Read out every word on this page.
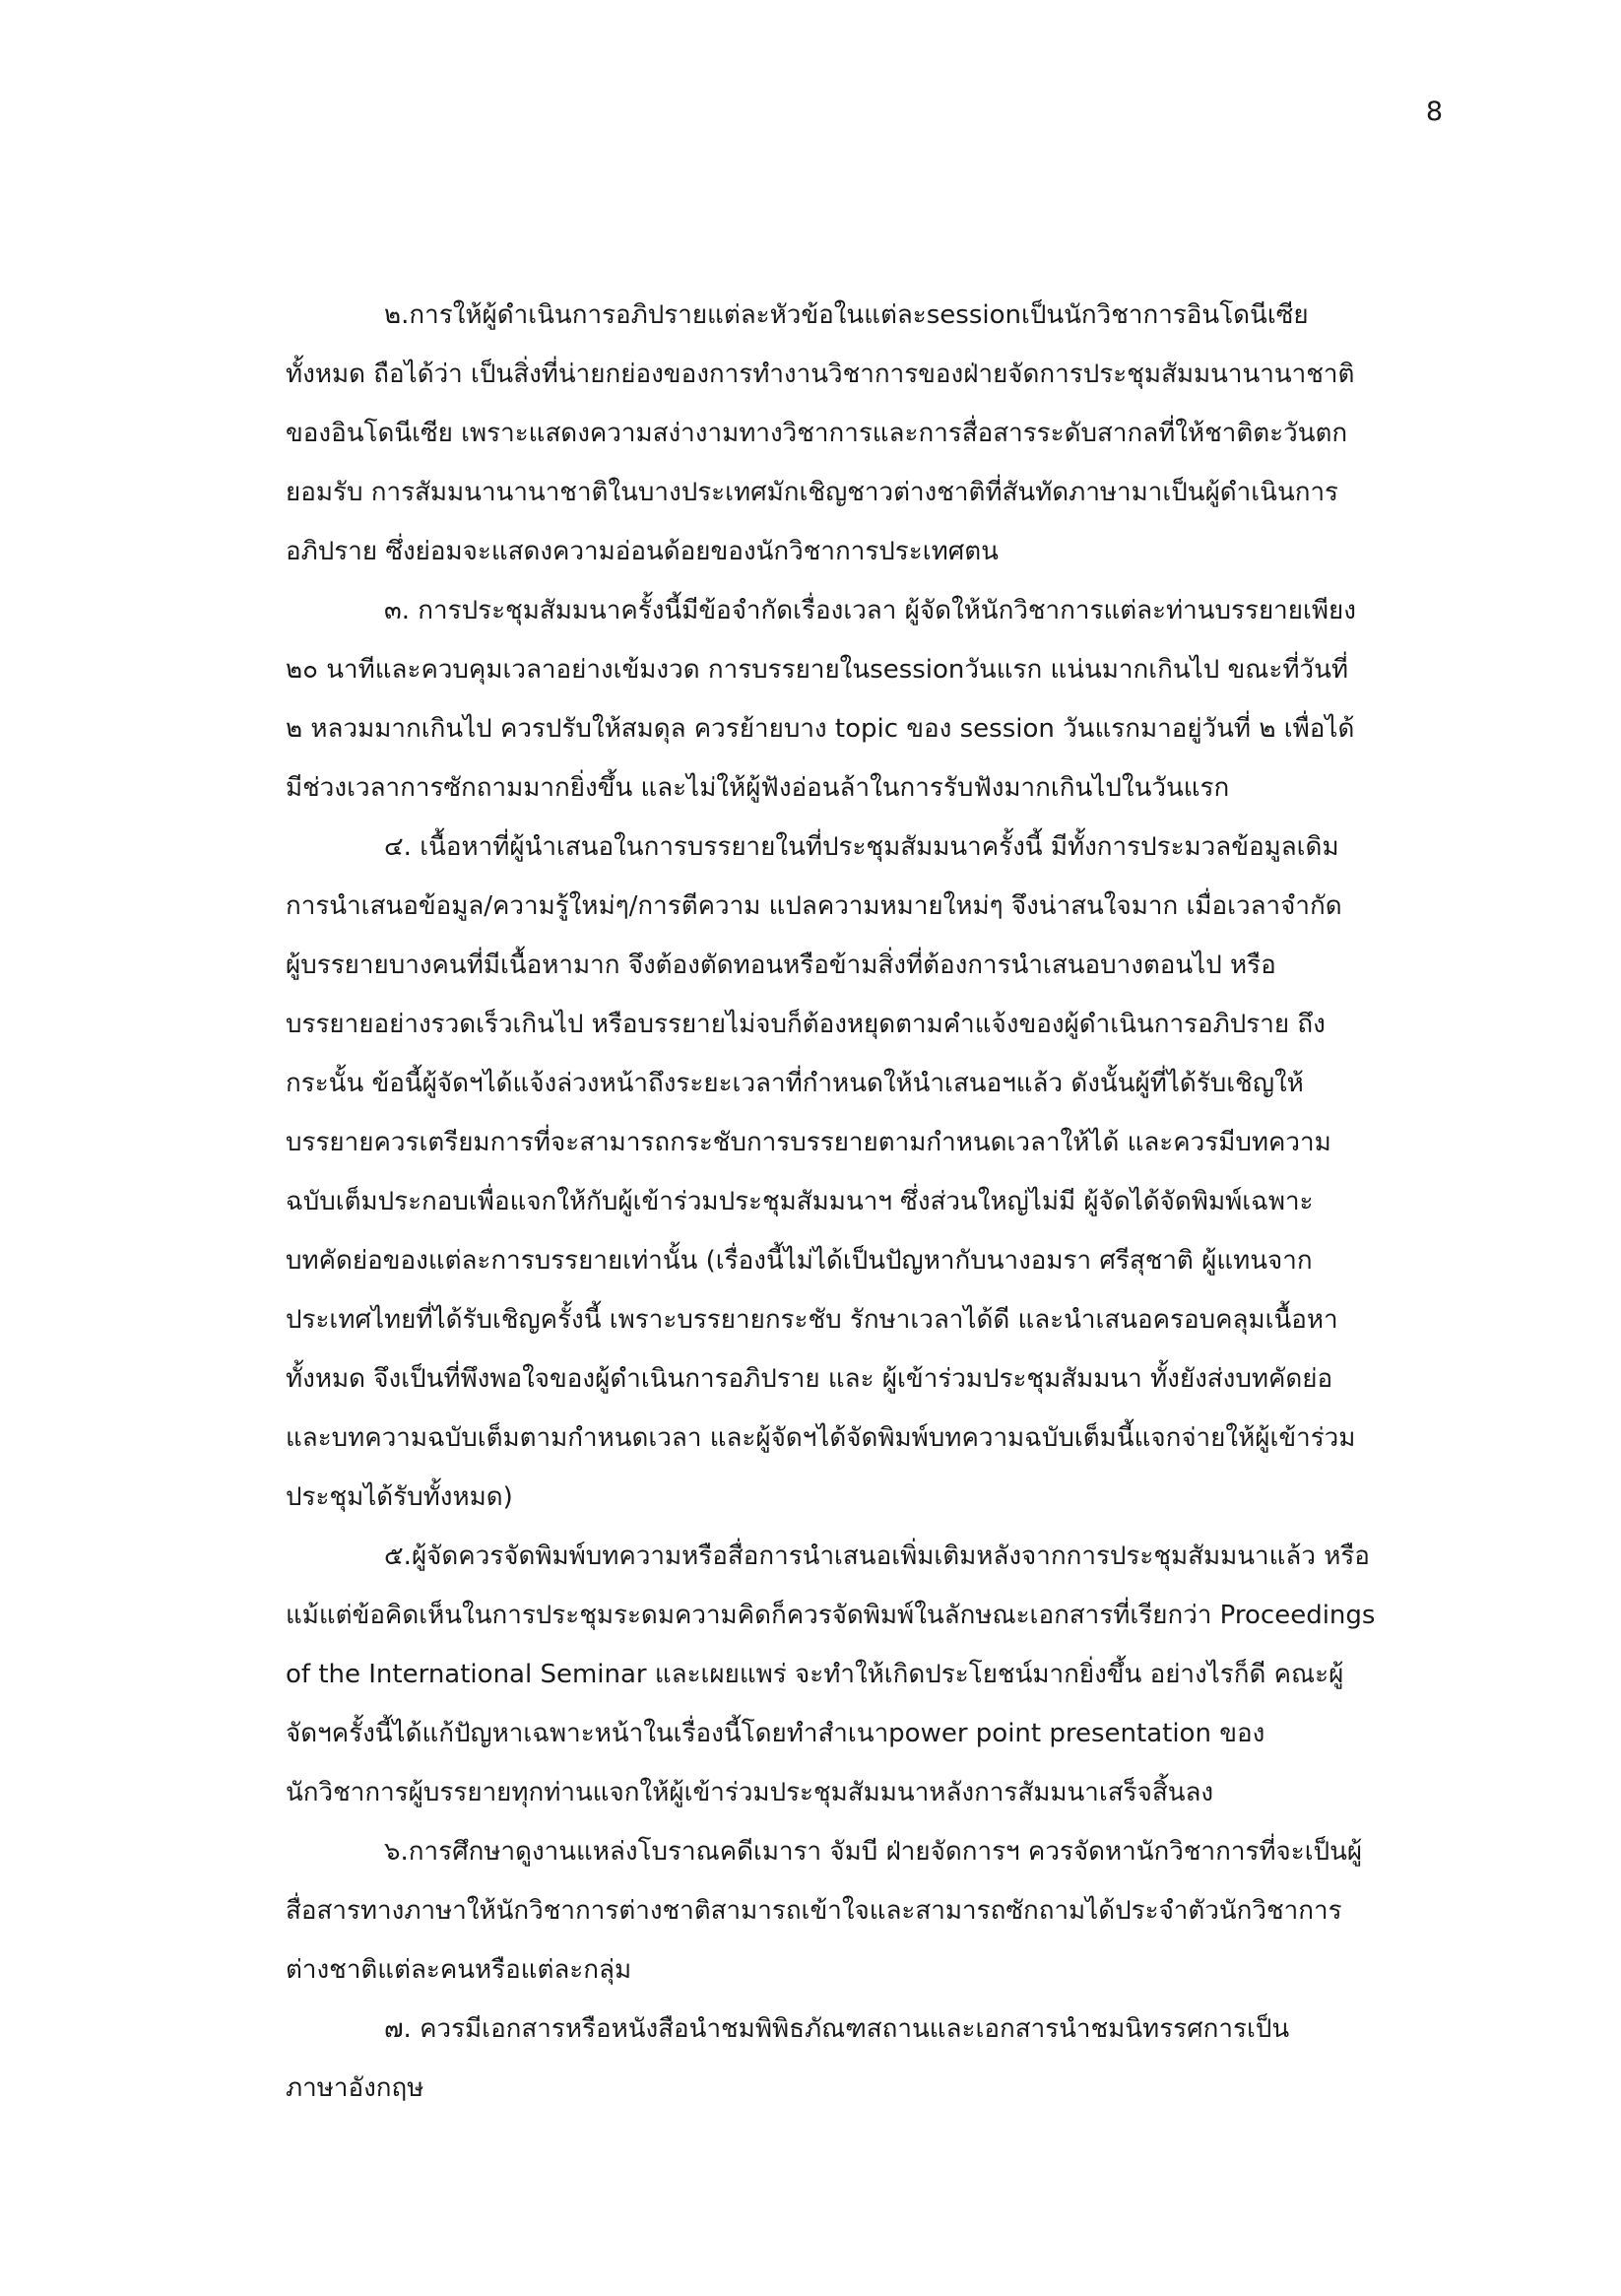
8
๒.การให้ผู้ดำเนินการอภิปรายแต่ละหัวข้อในแต่ละsessionเป็นนักวิชาการอินโดนีเซีย
ทั้งหมด ถือได้ว่า เป็นสิ่งที่น่ายกย่องของการทำงานวิชาการของฝ่ายจัดการประชุมสัมมนานานาชาติ
ของอินโดนีเซีย เพราะแสดงความสง่างามทางวิชาการและการสื่อสารระดับสากลที่ให้ชาติตะวันตก
ยอมรับ การสัมมนานานาชาติในบางประเทศมักเชิญชาวต่างชาติที่สันทัดภาษามาเป็นผู้ดำเนินการ
อภิปราย ซึ่งย่อมจะแสดงความอ่อนด้อยของนักวิชาการประเทศตน
๓. การประชุมสัมมนาครั้งนี้มีข้อจำกัดเรื่องเวลา ผู้จัดให้นักวิชาการแต่ละท่านบรรยายเพียง
๒๐ นาทีและควบคุมเวลาอย่างเข้มงวด การบรรยายในsessionวันแรก แน่นมากเกินไป ขณะที่วันที่
๒ หลวมมากเกินไป ควรปรับให้สมดุล ควรย้ายบาง topic ของ session วันแรกมาอยู่วันที่ ๒ เพื่อได้
มีช่วงเวลาการซักถามมากยิ่งขึ้น และไม่ให้ผู้ฟังอ่อนล้าในการรับฟังมากเกินไปในวันแรก
๔. เนื้อหาที่ผู้นำเสนอในการบรรยายในที่ประชุมสัมมนาครั้งนี้ มีทั้งการประมวลข้อมูลเดิม
การนำเสนอข้อมูล/ความรู้ใหม่ๆ/การตีความ แปลความหมายใหม่ๆ จึงน่าสนใจมาก เมื่อเวลาจำกัด
ผู้บรรยายบางคนที่มีเนื้อหามาก จึงต้องตัดทอนหรือข้ามสิ่งที่ต้องการนำเสนอบางตอนไป หรือ
บรรยายอย่างรวดเร็วเกินไป หรือบรรยายไม่จบก็ต้องหยุดตามคำแจ้งของผู้ดำเนินการอภิปราย ถึง
กระนั้น ข้อนี้ผู้จัดฯได้แจ้งล่วงหน้าถึงระยะเวลาที่กำหนดให้นำเสนอฯแล้ว ดังนั้นผู้ที่ได้รับเชิญให้
บรรยายควรเตรียมการที่จะสามารถกระชับการบรรยายตามกำหนดเวลาให้ได้ และควรมีบทความ
ฉบับเต็มประกอบเพื่อแจกให้กับผู้เข้าร่วมประชุมสัมมนาฯ ซึ่งส่วนใหญ่ไม่มี ผู้จัดได้จัดพิมพ์เฉพาะ
บทคัดย่อของแต่ละการบรรยายเท่านั้น (เรื่องนี้ไม่ได้เป็นปัญหากับนางอมรา ศรีสุชาติ ผู้แทนจาก
ประเทศไทยที่ได้รับเชิญครั้งนี้ เพราะบรรยายกระชับ รักษาเวลาได้ดี และนำเสนอครอบคลุมเนื้อหา
ทั้งหมด จึงเป็นที่พึงพอใจของผู้ดำเนินการอภิปราย และ ผู้เข้าร่วมประชุมสัมมนา ทั้งยังส่งบทคัดย่อ
และบทความฉบับเต็มตามกำหนดเวลา และผู้จัดฯได้จัดพิมพ์บทความฉบับเต็มนี้แจกจ่ายให้ผู้เข้าร่วม
ประชุมได้รับทั้งหมด)
๕.ผู้จัดควรจัดพิมพ์บทความหรือสื่อการนำเสนอเพิ่มเติมหลังจากการประชุมสัมมนาแล้ว หรือ
แม้แต่ข้อคิดเห็นในการประชุมระดมความคิดก็ควรจัดพิมพ์ในลักษณะเอกสารที่เรียกว่า Proceedings
of the International Seminar และเผยแพร่ จะทำให้เกิดประโยชน์มากยิ่งขึ้น อย่างไรก็ดี คณะผู้
จัดฯครั้งนี้ได้แก้ปัญหาเฉพาะหน้าในเรื่องนี้โดยทำสำเนาpower point presentation ของ
นักวิชาการผู้บรรยายทุกท่านแจกให้ผู้เข้าร่วมประชุมสัมมนาหลังการสัมมนาเสร็จสิ้นลง
๖.การศึกษาดูงานแหล่งโบราณคดีเมารา จัมบี ฝ่ายจัดการฯ ควรจัดหานักวิชาการที่จะเป็นผู้
สื่อสารทางภาษาให้นักวิชาการต่างชาติสามารถเข้าใจและสามารถซักถามได้ประจำตัวนักวิชาการ
ต่างชาติแต่ละคนหรือแต่ละกลุ่ม
๗. ควรมีเอกสารหรือหนังสือนำชมพิพิธภัณฑสถานและเอกสารนำชมนิทรรศการเป็น
ภาษาอังกฤษ
